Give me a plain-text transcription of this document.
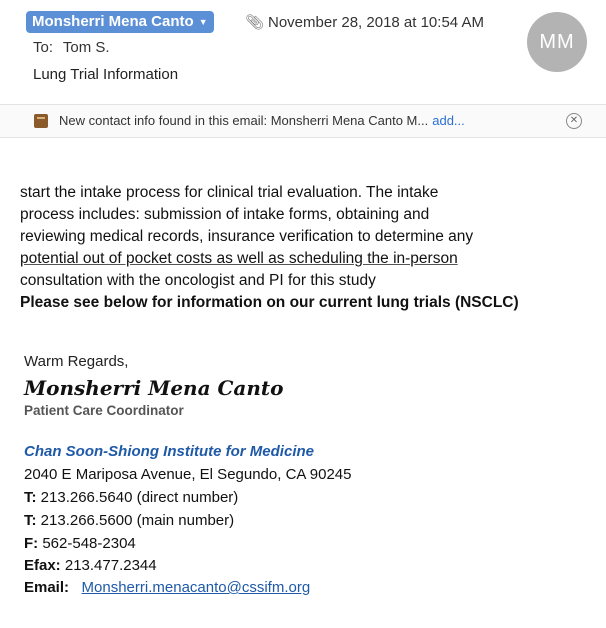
Monsherri Mena Canto ▼ 📎︎ November 28, 2018 at 10:54 AM
To: Tom S.
Lung Trial Information
MM
New contact info found in this email: Monsherri Mena Canto M... add...	✕

start the intake process for clinical trial evaluation. The intake

process includes: submission of intake forms, obtaining and

reviewing medical records, insurance verification to determine any

potential out of pocket costs as well as scheduling the in-person

consultation with the oncologist and PI for this study

Please see below for information on our current lung trials (NSCLC)

Warm Regards,
Monsherri Mena Canto
Patient Care Coordinator
Chan Soon-Shiong Institute for Medicine
2040 E Mariposa Avenue, El Segundo, CA 90245
T: 213.266.5640 (direct number)
T: 213.266.5600 (main number)
F: 562-548-2304
Efax: 213.477.2344
Email: Monsherri.menacanto@cssifm.org
